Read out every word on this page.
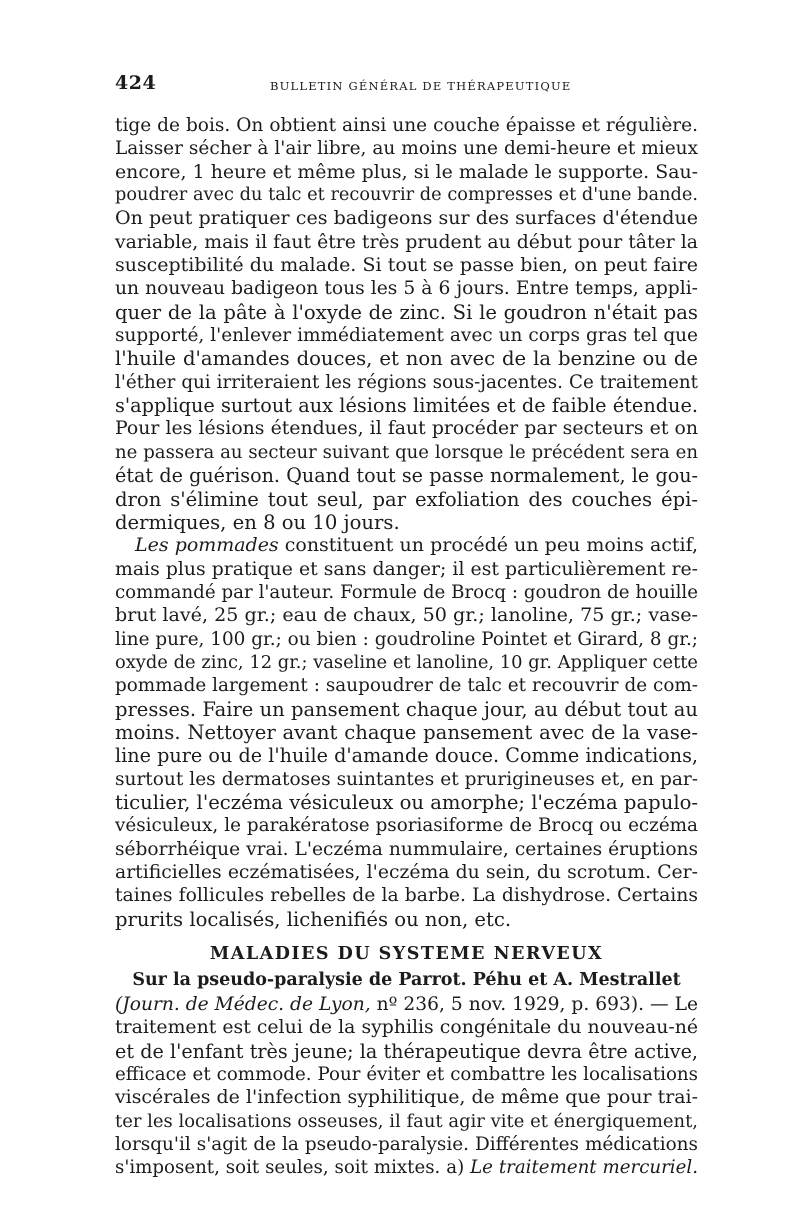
424	BULLETIN GÉNÉRAL DE THÉRAPEUTIQUE
tige de bois. On obtient ainsi une couche épaisse et régulière.
Laisser sécher à l'air libre, au moins une demi-heure et mieux
encore, 1 heure et même plus, si le malade le supporte. Sau-
poudrer avec du talc et recouvrir de compresses et d'une bande.
On peut pratiquer ces badigeons sur des surfaces d'étendue
variable, mais il faut être très prudent au début pour tâter la
susceptibilité du malade. Si tout se passe bien, on peut faire
un nouveau badigeon tous les 5 à 6 jours. Entre temps, appli-
quer de la pâte à l'oxyde de zinc. Si le goudron n'était pas
supporté, l'enlever immédiatement avec un corps gras tel que
l'huile d'amandes douces, et non avec de la benzine ou de
l'éther qui irriteraient les régions sous-jacentes. Ce traitement
s'applique surtout aux lésions limitées et de faible étendue.
Pour les lésions étendues, il faut procéder par secteurs et on
ne passera au secteur suivant que lorsque le précédent sera en
état de guérison. Quand tout se passe normalement, le gou-
dron s'élimine tout seul, par exfoliation des couches épi-
dermiques, en 8 ou 10 jours.
Les pommades constituent un procédé un peu moins actif,
mais plus pratique et sans danger; il est particulièrement re-
commandé par l'auteur. Formule de Brocq : goudron de houille
brut lavé, 25 gr.; eau de chaux, 50 gr.; lanoline, 75 gr.; vase-
line pure, 100 gr.; ou bien : goudroline Pointet et Girard, 8 gr.;
oxyde de zinc, 12 gr.; vaseline et lanoline, 10 gr. Appliquer cette
pommade largement : saupoudrer de talc et recouvrir de com-
presses. Faire un pansement chaque jour, au début tout au
moins. Nettoyer avant chaque pansement avec de la vase-
line pure ou de l'huile d'amande douce. Comme indications,
surtout les dermatoses suintantes et prurigineuses et, en par-
ticulier, l'eczéma vésiculeux ou amorphe; l'eczéma papulo-
vésiculeux, le parakératose psoriasiforme de Brocq ou eczéma
séborrhéique vrai. L'eczéma nummulaire, certaines éruptions
artificielles eczématisées, l'eczéma du sein, du scrotum. Cer-
taines follicules rebelles de la barbe. La dishydrose. Certains
prurits localisés, lichenifiés ou non, etc.
MALADIES DU SYSTEME NERVEUX
Sur la pseudo-paralysie de Parrot. Péhu et A. Mestrallet
(Journ. de Médec. de Lyon, nº 236, 5 nov. 1929, p. 693). — Le
traitement est celui de la syphilis congénitale du nouveau-né
et de l'enfant très jeune; la thérapeutique devra être active,
efficace et commode. Pour éviter et combattre les localisations
viscérales de l'infection syphilitique, de même que pour trai-
ter les localisations osseuses, il faut agir vite et énergiquement,
lorsqu'il s'agit de la pseudo-paralysie. Différentes médications
s'imposent, soit seules, soit mixtes. a) Le traitement mercuriel.
